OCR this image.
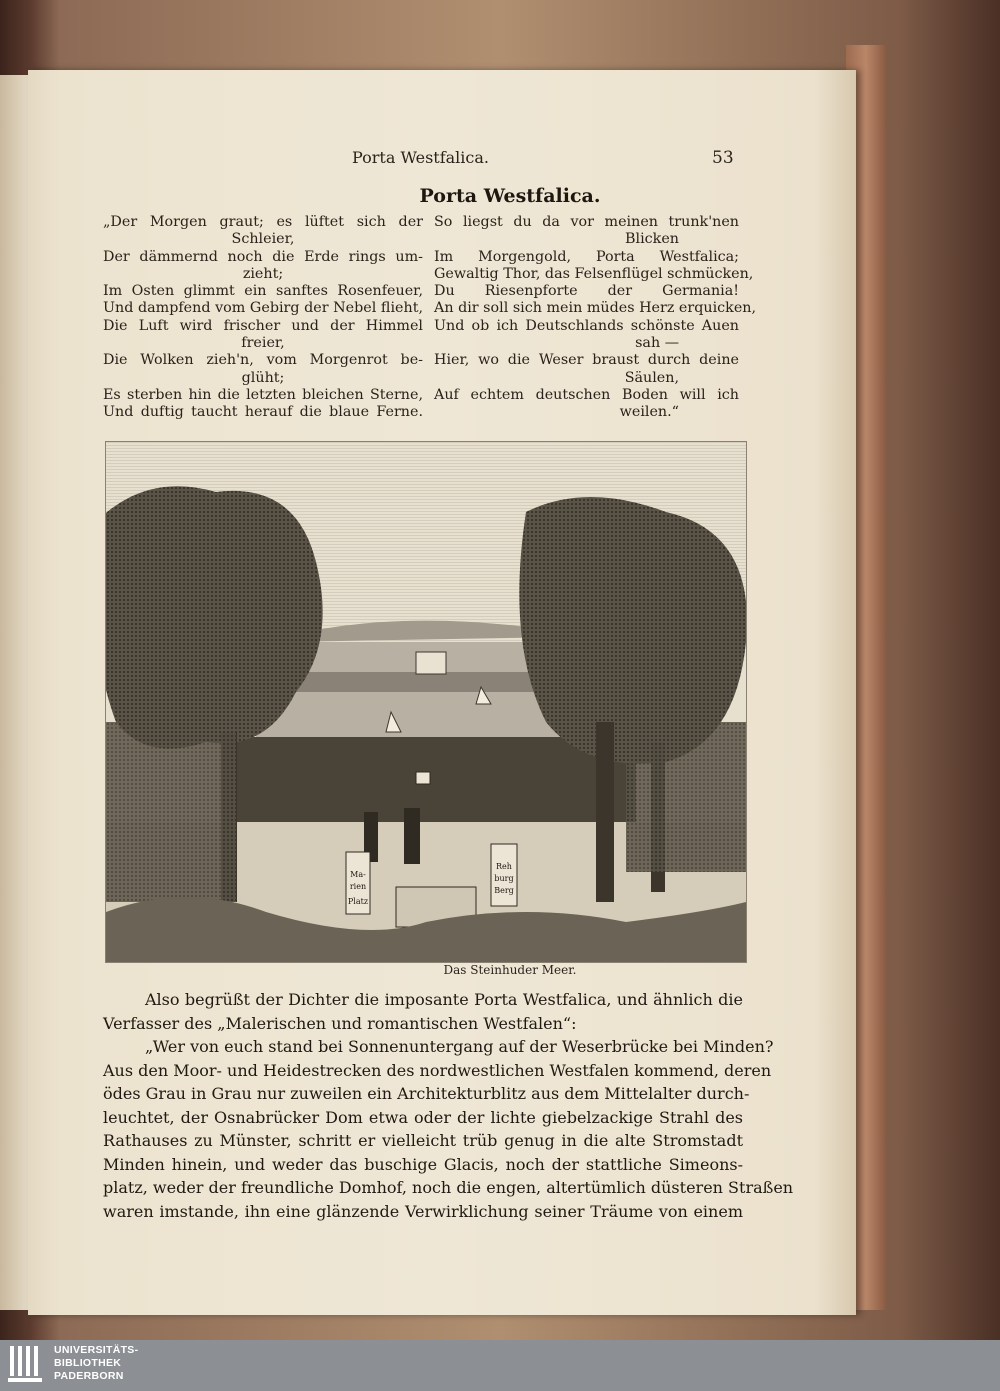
Porta Westfalica.	53
Porta Westfalica.
„Der Morgen graut; es lüftet sich der
Schleier,
Der dämmernd noch die Erde rings um-
zieht;
Im Osten glimmt ein sanftes Rosenfeuer,
Und dampfend vom Gebirg der Nebel flieht,
Die Luft wird frischer und der Himmel
freier,
Die Wolken zieh'n, vom Morgenrot be-
glüht;
Es sterben hin die letzten bleichen Sterne,
Und duftig taucht herauf die blaue Ferne.
So liegst du da vor meinen trunk'nen
Blicken
Im Morgengold, Porta Westfalica;
Gewaltig Thor, das Felsenflügel schmücken,
Du Riesenpforte der Germania!
An dir soll sich mein müdes Herz erquicken,
Und ob ich Deutschlands schönste Auen
sah —
Hier, wo die Weser braust durch deine
Säulen,
Auf echtem deutschen Boden will ich
weilen.“
Ma-
rien
Platz
Reh
burg
Berg
Das Steinhuder Meer.
Also begrüßt der Dichter die imposante Porta Westfalica, und ähnlich die
Verfasser des „Malerischen und romantischen Westfalen“:
„Wer von euch stand bei Sonnenuntergang auf der Weserbrücke bei Minden?
Aus den Moor- und Heidestrecken des nordwestlichen Westfalen kommend, deren
ödes Grau in Grau nur zuweilen ein Architekturblitz aus dem Mittelalter durch-
leuchtet, der Osnabrücker Dom etwa oder der lichte giebelzackige Strahl des
Rathauses zu Münster, schritt er vielleicht trüb genug in die alte Stromstadt
Minden hinein, und weder das buschige Glacis, noch der stattliche Simeons-
platz, weder der freundliche Domhof, noch die engen, altertümlich düsteren Straßen
waren imstande, ihn eine glänzende Verwirklichung seiner Träume von einem
UNIVERSITÄTS-
BIBLIOTHEK
PADERBORN
